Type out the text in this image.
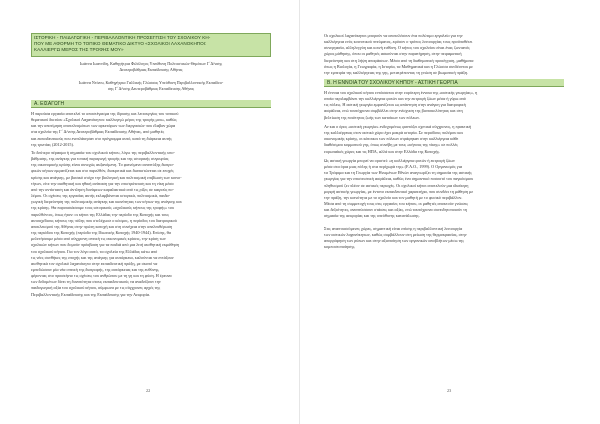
ΙΣΤΟΡΙΚΗ - ΠΑΙΔΑΓΩΓΙΚΗ - ΠΕΡΙΒΑΛΛΟΝΤΙΚΗ ΠΡΟΣΕΓΓΙΣΗ ΤΟΥ ΣΧΟΛΙΚΟΥ ΚΗ-
ΠΟΥ ΜΕ ΑΦΟΡΜΗ ΤΟ ΤΟΠΙΚΟ ΘΕΜΑΤΙΚΟ ΔΙΚΤΥΟ «ΣΧΟΛΙΚΟΙ ΛΑΧΑΝΟΚΗΠΟΙ:
ΚΑΛΛΙΕΡΓΩ ΜΕΡΟΣ ΤΗΣ ΤΡΟΦΗΣ ΜΟΥ»
Ιωάννα Ιωαννίδη, Καθηγήτρια Φιλόλογος Υπεύθυνη Πολιτιστικών Θεμάτων Γ΄Δ/νσης
Δευτεροβάθμιας Εκπαίδευσης Αθήνας
Ιωάννα Ντίνου, Καθηγήτρια Γαλλικής Γλώσσας Υπεύθυνη Περιβαλλοντικής Εκπαίδευ-
σης Γ΄Δ/νσης Δευτεροβάθμιας Εκπαίδευσης Αθήνας
Α. ΕΙΣΑΓΩΓΗ

Η παρούσα εργασία αποτελεί το αποστέγασμα της ίδρυσης και λειτουργίας του τοπικού
θεματικού δικτύου «Σχολικοί Λαχανόκηποι: καλλιεργώ μέρος της τροφής μου», καθώς
και την αποτίμηση αποτελεσμάτων των αρκετάρων των διεργασιών που έλαβαν χώρα
στα σχολεία της Γ΄ Δ/νσης Δευτεροβάθμιας Εκπαίδευσης Αθήνας, από μαθητές
και εκπαιδευτικούς που ενεπλάκησαν στο πρόγραμμα αυτό, κατά τη διάρκεια αυτής
της τριετίας (2012-2015).

Το δεύτερο πέρασμα ή σημασία του σχολικού κήπου, λόγω της περιβαλλοντικής υπο-
βάθμισης, της ανάγκης για τοπική παραγωγή τροφής και της ιστορικής συγκυρίας
της οικονομικής κρίσης είναι συνεχώς αυξανόμενη. Το φαινόμενο αναπτύξης διατρο-
φικών κήπων εμφανίζεται και στο παρελθόν, διακριτικά και διαπιστώνεται σε εποχές
κρίσης και ανάγκης, με βασικό στόχο την βιολογική και πολιτισμική επιβίωση των κοινο-
τήτων, είτε την αισθητική και ηθική ανάταση για την επιστράτευση και τη νίκη μέσα
από την αντίσταση και άντληση δυνάμεων καραλακτικά από τις ρίζες σε καιρούς πο-
λέμου. Οι σχέσεις της εργασίας αυτής εκλαμβάνεται ιστορικά, πολιτισμικά, παιδα-
γωγική διερεύνηση της πολιτισμικής ανάγκης και ικανότητας των κήπων της ανάγκης και
της κρίσης. Θα παρουσιάσουμε τους ιστορικούς «σχολικούς κήπους της τροφής» του
παρελθόντος, όπως ήταν: οι κήποι της Ελλάδας την περίοδο της Κατοχής και τους
αυτοσχέδιους κήπους της πόλης που στελέχωσε ο κόσμος, η περίοδος του διατροφικού
αποκλεισμού της Αθήνας στην πρώτη κατοχή και στη συνέχεια στην απελευθέρωση
της περιόδου της Κατοχής (περίοδο της Ιδιωτικής Κατοχής 1940-1944). Επίσης, θα
μελετήσουμε μέσα από σύγχρονη οπτική τις οικονομικές κρίσεις, την κρίση των
σχολικών κήπων που δομούν πρόσβαση για τα παιδιά από μια λιτή αισθητική εκμάθηση
του σχολικού κήπου. Για τον λόγο αυτό, τα σχολεία της Ελλάδας κάτω από
τις νέες συνθήκες της εποχής και της ανάγκης για αυτάρκεια, καλούνται να εντάξουν
αισθητικά τον σχολικό λαχανόκηπο στην εκπαιδευτική πράξη, με σκοπό να
εμπεδώσουν μία νέα οπτική της διατροφής, της αυτάρκειας και της ευθύνης,
φέροντας στο προσκήνιο τις σχέσεις του ανθρώπου με τη γη και τη φύση. Η έρευνα
των δεδομένων δίνει τη δυνατότητα στους εκπαιδευτικούς να αναδείξουν την
παιδαγωγική αξία του σχολικού κήπου, σύμφωνα με τις σύγχρονες αρχές της
Περιβαλλοντικής Εκπαίδευσης και της Εκπαίδευσης για την Αειφορία.

22

Οι σχολικοί λαχανόκηποι μπορούν να αποτελέσουν ένα πολύτιμο εργαλείο για την
καλλιέργεια ενός κοινοτικού πνεύματος, εφόσον ο τρόπος λειτουργίας τους προϋποθέτει
συνεργασία, αλληλεγγύη και κοινή ευθύνη. Ο κήπος του σχολείου είναι ένας ζωντανός
χώρος μάθησης, όπου οι μαθητές ασκούνται στην παρατήρηση, στην πειραματική
διερεύνηση και στη λήψη αποφάσεων. Μέσα από τη διαθεματική προσέγγιση, μαθήματα
όπως η Βιολογία, η Γεωγραφία, η Ιστορία, τα Μαθηματικά και η Γλώσσα συνδέονται με
την εμπειρία της καλλιέργειας της γης, μετατρέποντας τη γνώση σε βιωματική πράξη.

Β. Η ΕΝΝΟΙΑ ΤΟΥ ΣΧΟΛΙΚΟΥ ΚΗΠΟΥ - ΑΣΤΙΚΗ ΓΕΩΡΓΙΑ

Η έννοια του σχολικού κήπου εντάσσεται στην ευρύτερη έννοια της «αστικής γεωργίας», η
οποία περιλαμβάνει την καλλιέργεια φυτών και την εκτροφή ζώων μέσα ή γύρω από
τις πόλεις. Η αστική γεωργία εμφανίζεται ως απάντηση στην ανάγκη για διατροφική
ασφάλεια, ενώ ταυτόχρονα συμβάλλει στην ενίσχυση της βιοποικιλότητας και στη
βελτίωση της ποιότητας ζωής των κατοίκων των πόλεων.

Αν και ο όρος «αστική γεωργία» ενδεχομένως φαντάζει σχετικά σύγχρονος, η πρακτική
της καλλιέργειας στον αστικό χώρο έχει μακρά ιστορία. Σε περιόδους πολέμου και
οικονομικής κρίσης, οι κάτοικοι των πόλεων στράφηκαν στην καλλιέργεια κάθε
διαθέσιμου κομματιού γης, όπως συνέβη με τους «κήπους της νίκης» σε πολλές
ευρωπαϊκές χώρες και τις ΗΠΑ, αλλά και στην Ελλάδα της Κατοχής.

Ως αστική γεωργία μπορεί να οριστεί: «η καλλιέργεια φυτών ή εκτροφή ζώων
μέσα στα όρια μιας πόλης ή στα περίχωρά της» (F.A.O., 1999). Ο Οργανισμός για
τα Τρόφιμα και τη Γεωργία των Ηνωμένων Εθνών αναγνωρίζει τη σημασία της αστικής
γεωργίας για την επισιτιστική ασφάλεια, καθώς ένα σημαντικό ποσοστό του παγκόσμιου
πληθυσμού ζει πλέον σε αστικές περιοχές. Οι σχολικοί κήποι αποτελούν μια ιδιαίτερη
μορφή αστικής γεωργίας, με έντονο εκπαιδευτικό χαρακτήρα, που συνδέει τη μάθηση με
την πράξη, την κοινότητα με το σχολείο και τον μαθητή με το φυσικό περιβάλλον.
Μέσα από τη συμμετοχή τους στις εργασίες του κήπου, οι μαθητές αποκτούν γνώσεις
και δεξιότητες, αναπτύσσουν στάσεις και αξίες, ενώ ταυτόχρονα συνειδητοποιούν τη
σημασία της αειφορίας και της υπεύθυνης κατανάλωσης.

Στις αναπτυσσόμενες χώρες, σημαντική είναι επίσης η περιβαλλοντική λειτουργία
των αστικών λαχανόκηπων, καθώς συμβάλλουν στη μείωση της θερμοκρασίας, στην
απορρόφηση των ρύπων και στην αξιοποίηση των οργανικών αποβλήτων μέσω της
κομποστοποίησης.

23
